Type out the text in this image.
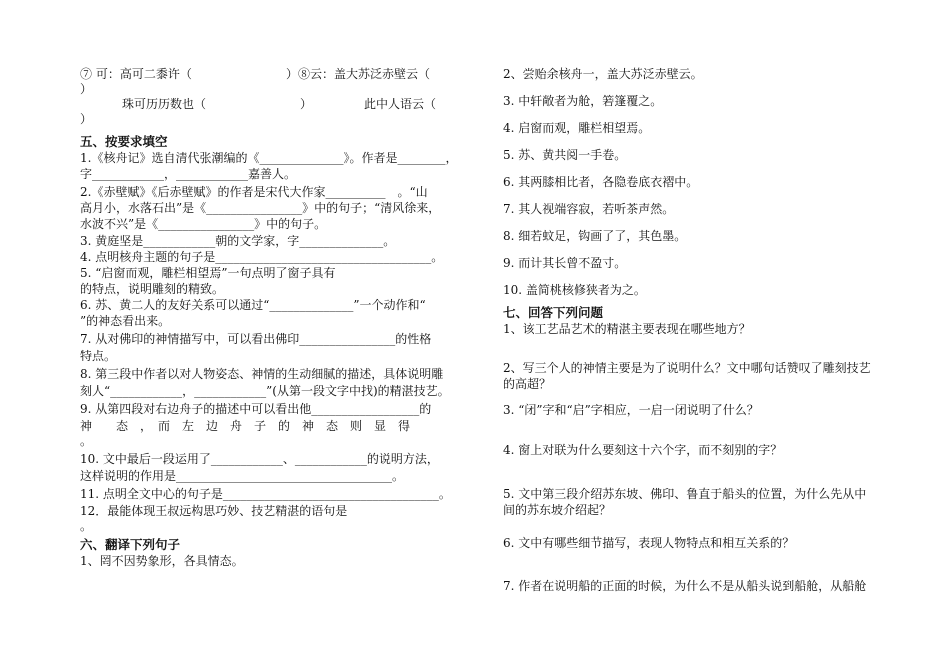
⑦ 可：高可二黍许（	）⑧云：盖大苏泛赤壁云（
）
珠可历历数也（	）	此中人语云（
）
五、按要求填空
1.《核舟记》选自清代张潮编的《______________》。作者是________，
字____________，____________嘉善人。
2.《赤壁赋》《后赤壁赋》的作者是宋代大作家__________　。“山
高月小，水落石出”是《________________》中的句子；“清风徐来，
水波不兴”是《________________》中的句子。
3. 黄庭坚是____________朝的文学家，字______________。
4. 点明核舟主题的句子是____________________________________。
5. “启窗而观，雕栏相望焉”一句点明了窗子具有
的特点，说明雕刻的精致。
6. 苏、黄二人的友好关系可以通过“______________”一个动作和“
”的神态看出来。
7. 从对佛印的神情描写中，可以看出佛印________________的性格
特点。
8. 第三段中作者以对人物姿态、神情的生动细腻的描述，具体说明雕
刻人“____________，____________”(从第一段文字中找)的精湛技艺。
9. 从第四段对右边舟子的描述中可以看出他__________________的
神　　态　，　而　左　边　舟　子　的　神　态　则　显　得
。
10. 文中最后一段运用了____________、____________的说明方法，
这样说明的作用是____________________________________。
11. 点明全文中心的句子是____________________________________。
12．最能体现王叔远构思巧妙、技艺精湛的语句是
。
六、翻译下列句子
1、罔不因势象形，各具情态。
2、尝贻余核舟一，盖大苏泛赤壁云。
3. 中轩敞者为舱，箬篷覆之。
4. 启窗而观，雕栏相望焉。
5. 苏、黄共阅一手卷。
6. 其两膝相比者，各隐卷底衣褶中。
7. 其人视端容寂，若听茶声然。
8. 细若蚊足，钩画了了，其色墨。
9. 而计其长曾不盈寸。
10. 盖简桃核修狭者为之。
七、回答下列问题
1、该工艺品艺术的精湛主要表现在哪些地方？
2、写三个人的神情主要是为了说明什么？文中哪句话赞叹了雕刻技艺
的高超？
3. “闭”字和“启”字相应，一启一闭说明了什么？
4. 窗上对联为什么要刻这十六个字，而不刻别的字？
5. 文中第三段介绍苏东坡、佛印、鲁直于船头的位置，为什么先从中
间的苏东坡介绍起？
6. 文中有哪些细节描写，表现人物特点和相互关系的？
7. 作者在说明船的正面的时候，为什么不是从船头说到船舱，从船舱
